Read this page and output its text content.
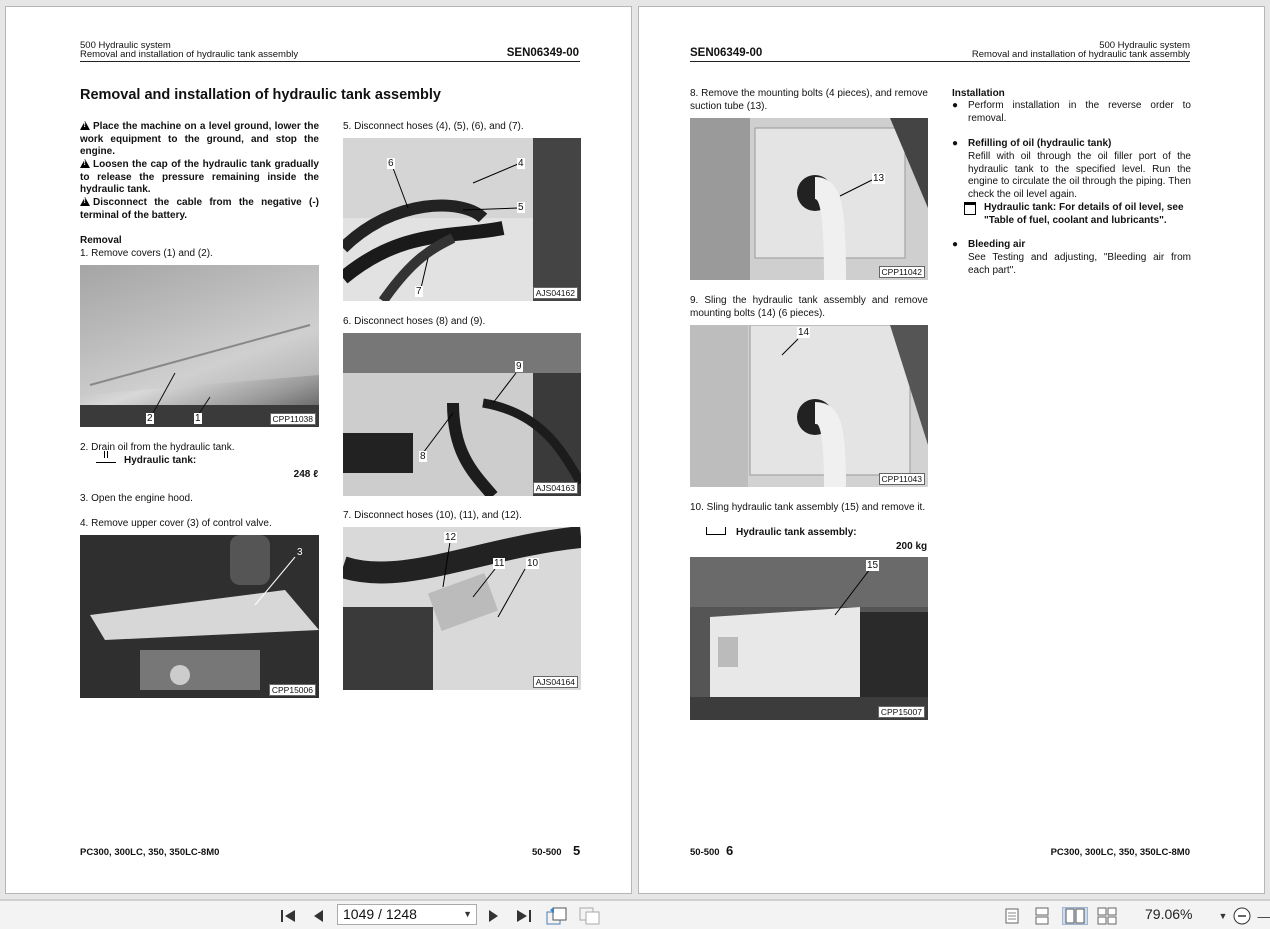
500 Hydraulic system
Removal and installation of hydraulic tank assembly	SEN06349-00
Removal and installation of hydraulic tank assembly
!Place the machine on a level ground, lower the work equipment to the ground, and stop the engine.
!Loosen the cap of the hydraulic tank gradually to release the pressure remaining inside the hydraulic tank.
!Disconnect the cable from the negative (-) terminal of the battery.
Removal
1. Remove covers (1) and (2).
2	1	CPP11038
2. Drain oil from the hydraulic tank.
Hydraulic tank:
248 ℓ
3. Open the engine hood.
4. Remove upper cover (3) of control valve.
3
CPP15006
5. Disconnect hoses (4), (5), (6), and (7).
6	4
5
7	AJS04162
6. Disconnect hoses (8) and (9).
9
8
AJS04163
7. Disconnect hoses (10), (11), and (12).
12
11 10
AJS04164
PC300, 300LC, 350, 350LC-8M0	50-500 5
SEN06349-00
500 Hydraulic system
Removal and installation of hydraulic tank assembly
8. Remove the mounting bolts (4 pieces), and remove suction tube (13).
13
CPP11042
9. Sling the hydraulic tank assembly and remove mounting bolts (14) (6 pieces).
14
CPP11043
10. Sling hydraulic tank assembly (15) and remove it.
Hydraulic tank assembly:
200 kg
15
CPP15007
Installation
● Perform installation in the reverse order to removal.
● Refilling of oil (hydraulic tank)
Refill with oil through the oil filler port of the hydraulic tank to the specified level. Run the engine to circulate the oil through the piping. Then check the oil level again.
Hydraulic tank: For details of oil level, see "Table of fuel, coolant and lubricants".
● Bleeding air
See Testing and adjusting, "Bleeding air from each part".
50-500 6	PC300, 300LC, 350, 350LC-8M0
▼ —
1049 / 1248	▼	79.06%
